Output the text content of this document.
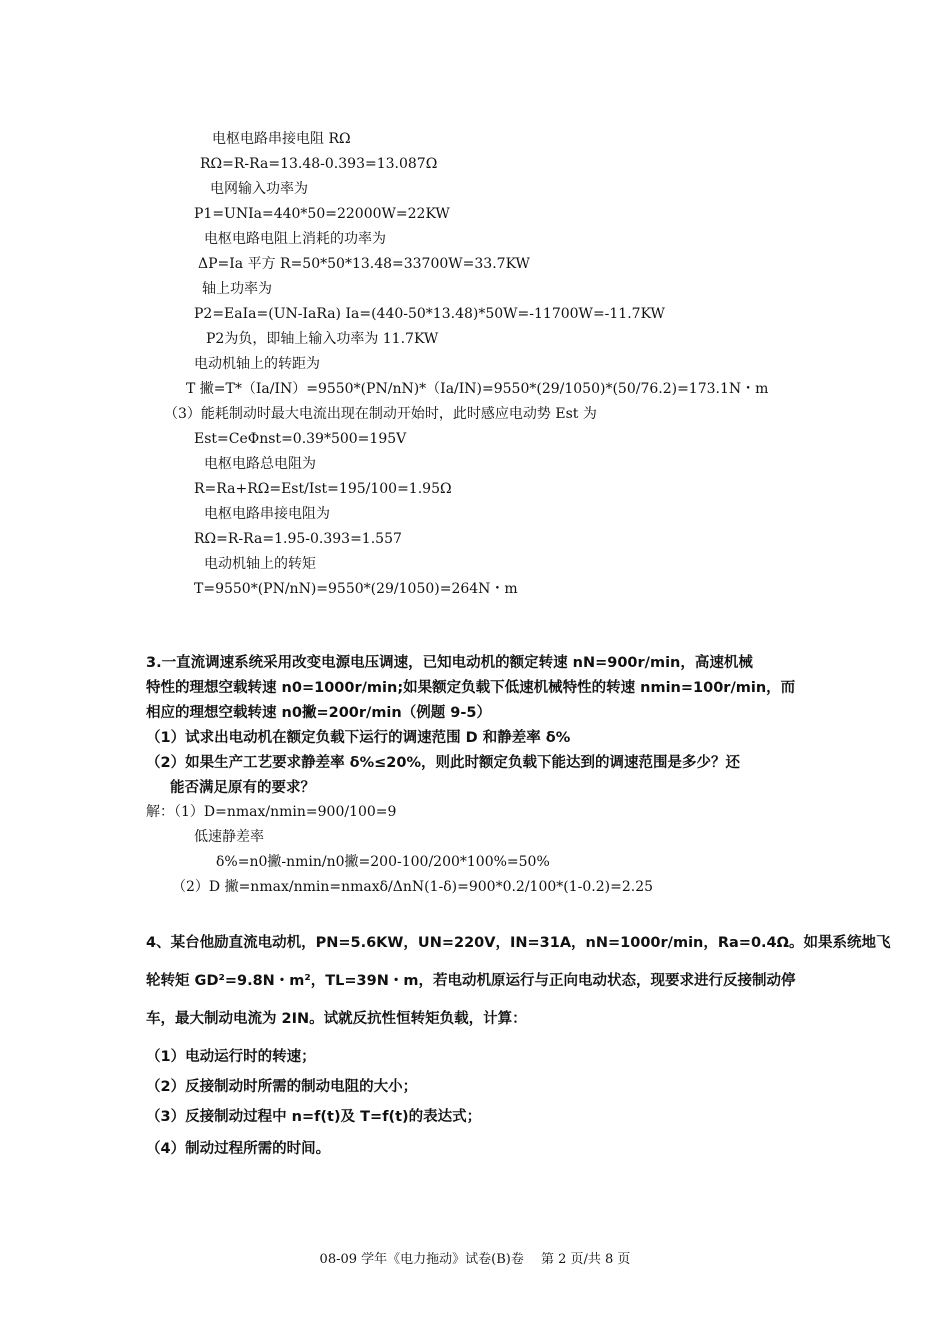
电枢电路串接电阻 RΩ
RΩ=R-Ra=13.48-0.393=13.087Ω
电网输入功率为
P1=UNIa=440*50=22000W=22KW
电枢电路电阻上消耗的功率为
ΔP=Ia 平方 R=50*50*13.48=33700W=33.7KW
轴上功率为
P2=EaIa=(UN-IaRa) Ia=(440-50*13.48)*50W=-11700W=-11.7KW
P2为负，即轴上输入功率为 11.7KW
电动机轴上的转距为
T 撇=T*（Ia/IN）=9550*(PN/nN)*（Ia/IN)=9550*(29/1050)*(50/76.2)=173.1N・m
（3）能耗制动时最大电流出现在制动开始时，此时感应电动势 Est 为
Est=CeΦnst=0.39*500=195V
电枢电路总电阻为
R=Ra+RΩ=Est/Ist=195/100=1.95Ω
电枢电路串接电阻为
RΩ=R-Ra=1.95-0.393=1.557
电动机轴上的转矩
T=9550*(PN/nN)=9550*(29/1050)=264N・m
3.一直流调速系统采用改变电源电压调速，已知电动机的额定转速 nN=900r/min，高速机械
特性的理想空载转速 n0=1000r/min;如果额定负载下低速机械特性的转速 nmin=100r/min，而
相应的理想空载转速 n0撇=200r/min（例题 9-5）
（1）试求出电动机在额定负载下运行的调速范围 D 和静差率 δ%
（2）如果生产工艺要求静差率 δ%≤20%，则此时额定负载下能达到的调速范围是多少？还
能否满足原有的要求？
解：（1）D=nmax/nmin=900/100=9
低速静差率
δ%=n0撇-nmin/n0撇=200-100/200*100%=50%
（2）D 撇=nmax/nmin=nmaxδ/ΔnN(1-δ)=900*0.2/100*(1-0.2)=2.25
4、某台他励直流电动机，PN=5.6KW，UN=220V，IN=31A，nN=1000r/min，Ra=0.4Ω。如果系统地飞
轮转矩 GD²=9.8N・m²，TL=39N・m，若电动机原运行与正向电动状态，现要求进行反接制动停
车，最大制动电流为 2IN。试就反抗性恒转矩负载，计算：
（1）电动运行时的转速；
（2）反接制动时所需的制动电阻的大小；
（3）反接制动过程中 n=f(t)及 T=f(t)的表达式；
（4）制动过程所需的时间。
08-09 学年《电力拖动》试卷(B)卷　 第 2 页/共 8 页
